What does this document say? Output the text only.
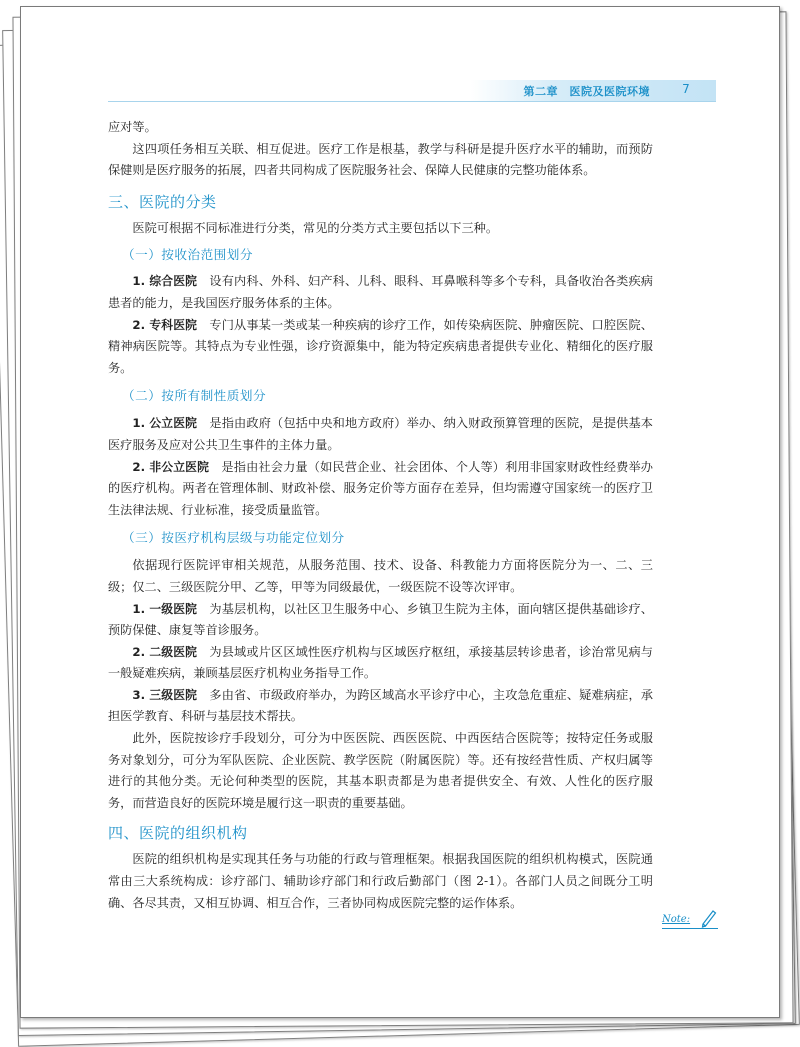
第二章　医院及医院环境	7

应对等。

这四项任务相互关联、相互促进。医疗工作是根基，教学与科研是提升医疗水平的辅助，而预防保健则是医疗服务的拓展，四者共同构成了医院服务社会、保障人民健康的完整功能体系。

三、医院的分类

医院可根据不同标准进行分类，常见的分类方式主要包括以下三种。

（一）按收治范围划分

1. 综合医院　 设有内科、外科、妇产科、儿科、眼科、耳鼻喉科等多个专科，具备收治各类疾病患者的能力，是我国医疗服务体系的主体。

2. 专科医院　 专门从事某一类或某一种疾病的诊疗工作，如传染病医院、肿瘤医院、口腔医院、精神病医院等。其特点为专业性强，诊疗资源集中，能为特定疾病患者提供专业化、精细化的医疗服务。

（二）按所有制性质划分

1. 公立医院　 是指由政府（包括中央和地方政府）举办、纳入财政预算管理的医院，是提供基本医疗服务及应对公共卫生事件的主体力量。

2. 非公立医院　 是指由社会力量（如民营企业、社会团体、个人等）利用非国家财政性经费举办的医疗机构。两者在管理体制、财政补偿、服务定价等方面存在差异，但均需遵守国家统一的医疗卫生法律法规、行业标准，接受质量监管。

（三）按医疗机构层级与功能定位划分

依据现行医院评审相关规范，从服务范围、技术、设备、科教能力方面将医院分为一、二、三级；仅二、三级医院分甲、乙等，甲等为同级最优，一级医院不设等次评审。

1. 一级医院　 为基层机构，以社区卫生服务中心、乡镇卫生院为主体，面向辖区提供基础诊疗、预防保健、康复等首诊服务。

2. 二级医院　 为县域或片区区域性医疗机构与区域医疗枢纽，承接基层转诊患者，诊治常见病与一般疑难疾病，兼顾基层医疗机构业务指导工作。

3. 三级医院　 多由省、市级政府举办，为跨区域高水平诊疗中心，主攻急危重症、疑难病症，承担医学教育、科研与基层技术帮扶。

此外，医院按诊疗手段划分，可分为中医医院、西医医院、中西医结合医院等；按特定任务或服务对象划分，可分为军队医院、企业医院、教学医院（附属医院）等。还有按经营性质、产权归属等进行的其他分类。无论何种类型的医院，其基本职责都是为患者提供安全、有效、人性化的医疗服务，而营造良好的医院环境是履行这一职责的重要基础。

四、医院的组织机构

医院的组织机构是实现其任务与功能的行政与管理框架。根据我国医院的组织机构模式，医院通常由三大系统构成：诊疗部门、辅助诊疗部门和行政后勤部门（图 2-1）。各部门人员之间既分工明确、各尽其责，又相互协调、相互合作，三者协同构成医院完整的运作体系。

Note:
